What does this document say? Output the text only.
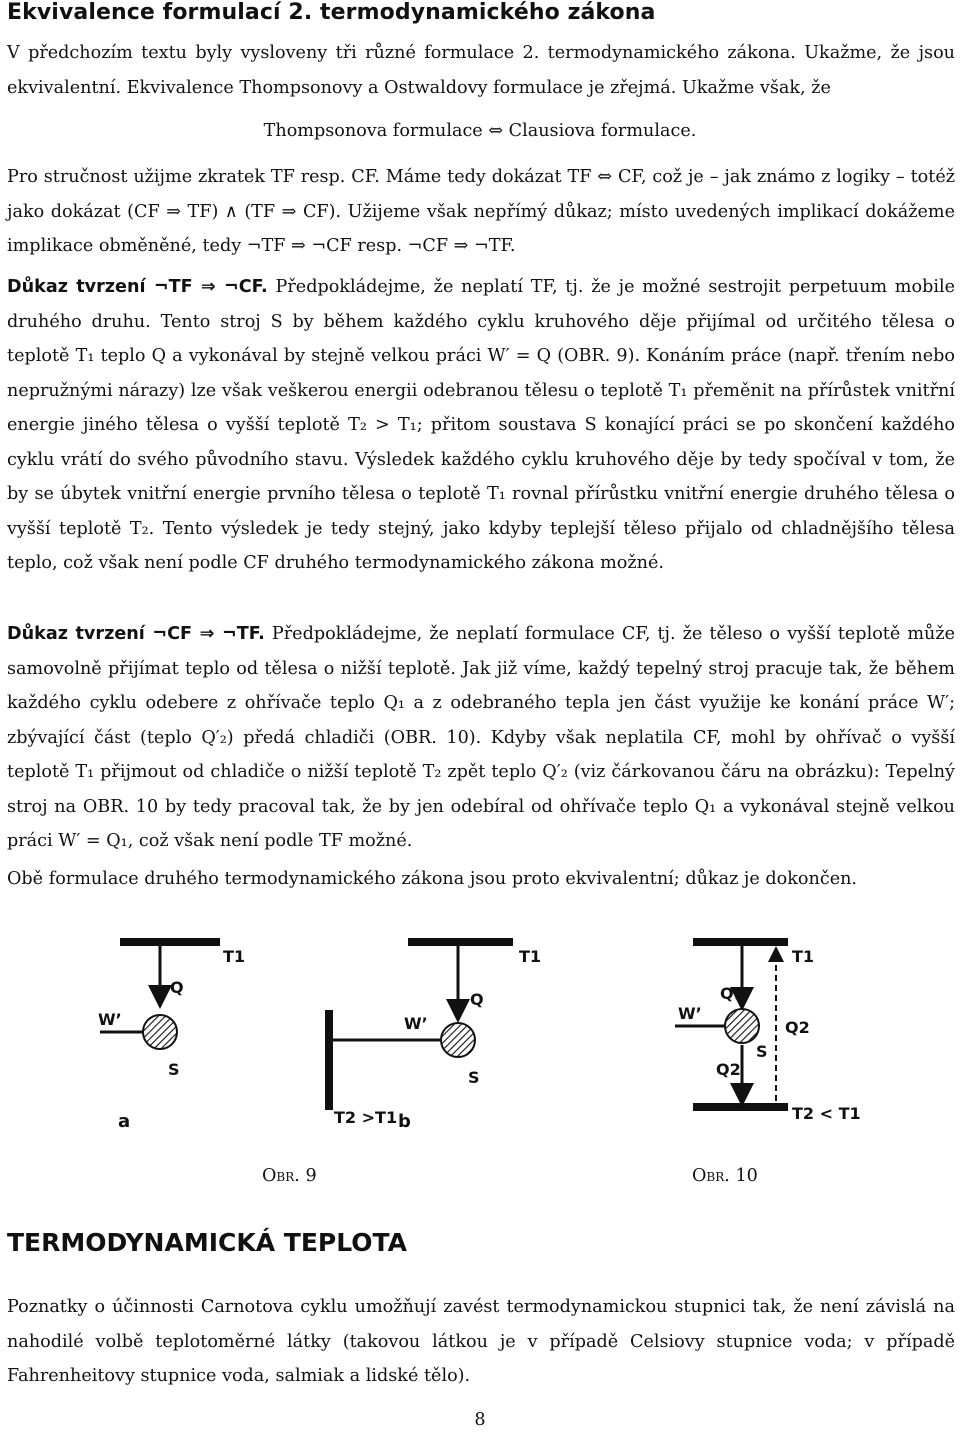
Ekvivalence formulací 2. termodynamického zákona

V předchozím textu byly vysloveny tři různé formulace 2. termodynamického zákona. Ukažme, že jsou ekvivalentní. Ekvivalence Thompsonovy a Ostwaldovy formulace je zřejmá. Ukažme však, že

Thompsonova formulace ⇔ Clausiova formulace.

Pro stručnost užijme zkratek TF resp. CF. Máme tedy dokázat TF ⇔ CF, což je – jak známo z logiky – totéž jako dokázat (CF ⇒ TF) ∧ (TF ⇒ CF). Užijeme však nepřímý důkaz; místo uvedených implikací dokážeme implikace obměněné, tedy ¬TF ⇒ ¬CF resp. ¬CF ⇒ ¬TF.

Důkaz tvrzení ¬TF ⇒ ¬CF. Předpokládejme, že neplatí TF, tj. že je možné sestrojit perpetuum mobile druhého druhu. Tento stroj S by během každého cyklu kruhového děje přijímal od určitého tělesa o teplotě T₁ teplo Q a vykonával by stejně velkou práci W′ = Q (OBR. 9). Konáním práce (např. třením nebo nepružnými nárazy) lze však veškerou energii odebranou tělesu o teplotě T₁ přeměnit na přírůstek vnitřní energie jiného tělesa o vyšší teplotě T₂ > T₁; přitom soustava S konající práci se po skončení každého cyklu vrátí do svého původního stavu. Výsledek každého cyklu kruhového děje by tedy spočíval v tom, že by se úbytek vnitřní energie prvního tělesa o teplotě T₁ rovnal přírůstku vnitřní energie druhého tělesa o vyšší teplotě T₂. Tento výsledek je tedy stejný, jako kdyby teplejší těleso přijalo od chladnějšího tělesa teplo, což však není podle CF druhého termodynamického zákona možné.

Důkaz tvrzení ¬CF ⇒ ¬TF. Předpokládejme, že neplatí formulace CF, tj. že těleso o vyšší teplotě může samovolně přijímat teplo od tělesa o nižší teplotě. Jak již víme, každý tepelný stroj pracuje tak, že během každého cyklu odebere z ohřívače teplo Q₁ a z odebraného tepla jen část využije ke konání práce W′; zbývající část (teplo Q′₂) předá chladiči (OBR. 10). Kdyby však neplatila CF, mohl by ohřívač o vyšší teplotě T₁ přijmout od chladiče o nižší teplotě T₂ zpět teplo Q′₂ (viz čárkovanou čáru na obrázku): Tepelný stroj na OBR. 10 by tedy pracoval tak, že by jen odebíral od ohřívače teplo Q₁ a vykonával stejně velkou práci W′ = Q₁, což však není podle TF možné.

Obě formulace druhého termodynamického zákona jsou proto ekvivalentní; důkaz je dokončen.

T1
Q
W’
S
a
T1
Q
W’
S
T2 >T1 b
T1
T2 < T1
Q1
Q2
Q2
W’
S
Obr. 9	Obr. 10
TERMODYNAMICKÁ TEPLOTA

Poznatky o účinnosti Carnotova cyklu umožňují zavést termodynamickou stupnici tak, že není závislá na nahodilé volbě teplotoměrné látky (takovou látkou je v případě Celsiovy stupnice voda; v případě Fahrenheitovy stupnice voda, salmiak a lidské tělo).

8
